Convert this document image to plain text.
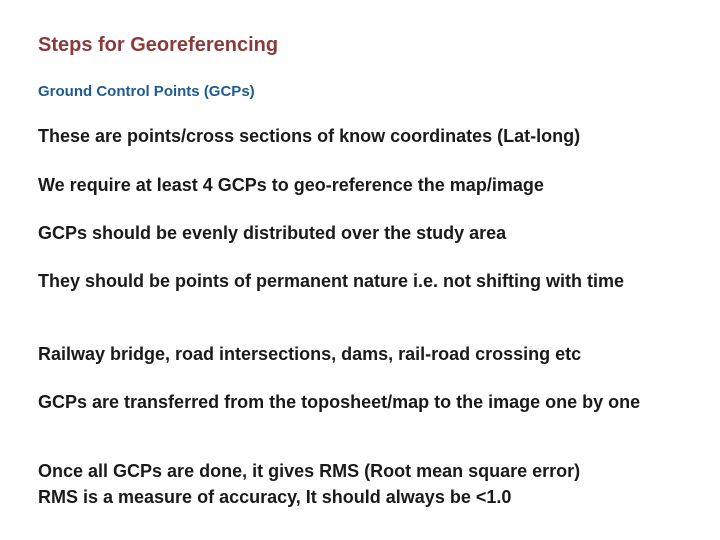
Steps for Georeferencing
Ground Control Points (GCPs)
These are points/cross sections of know coordinates (Lat-long)
We require at least 4 GCPs to geo-reference the map/image
GCPs should be evenly distributed over the study area
They should be points of permanent nature i.e. not shifting with time
Railway bridge, road intersections, dams, rail-road crossing etc
GCPs are transferred from the toposheet/map to the image one by one
Once all GCPs are done, it gives RMS (Root mean square error)
RMS is a measure of accuracy, It should always be <1.0
